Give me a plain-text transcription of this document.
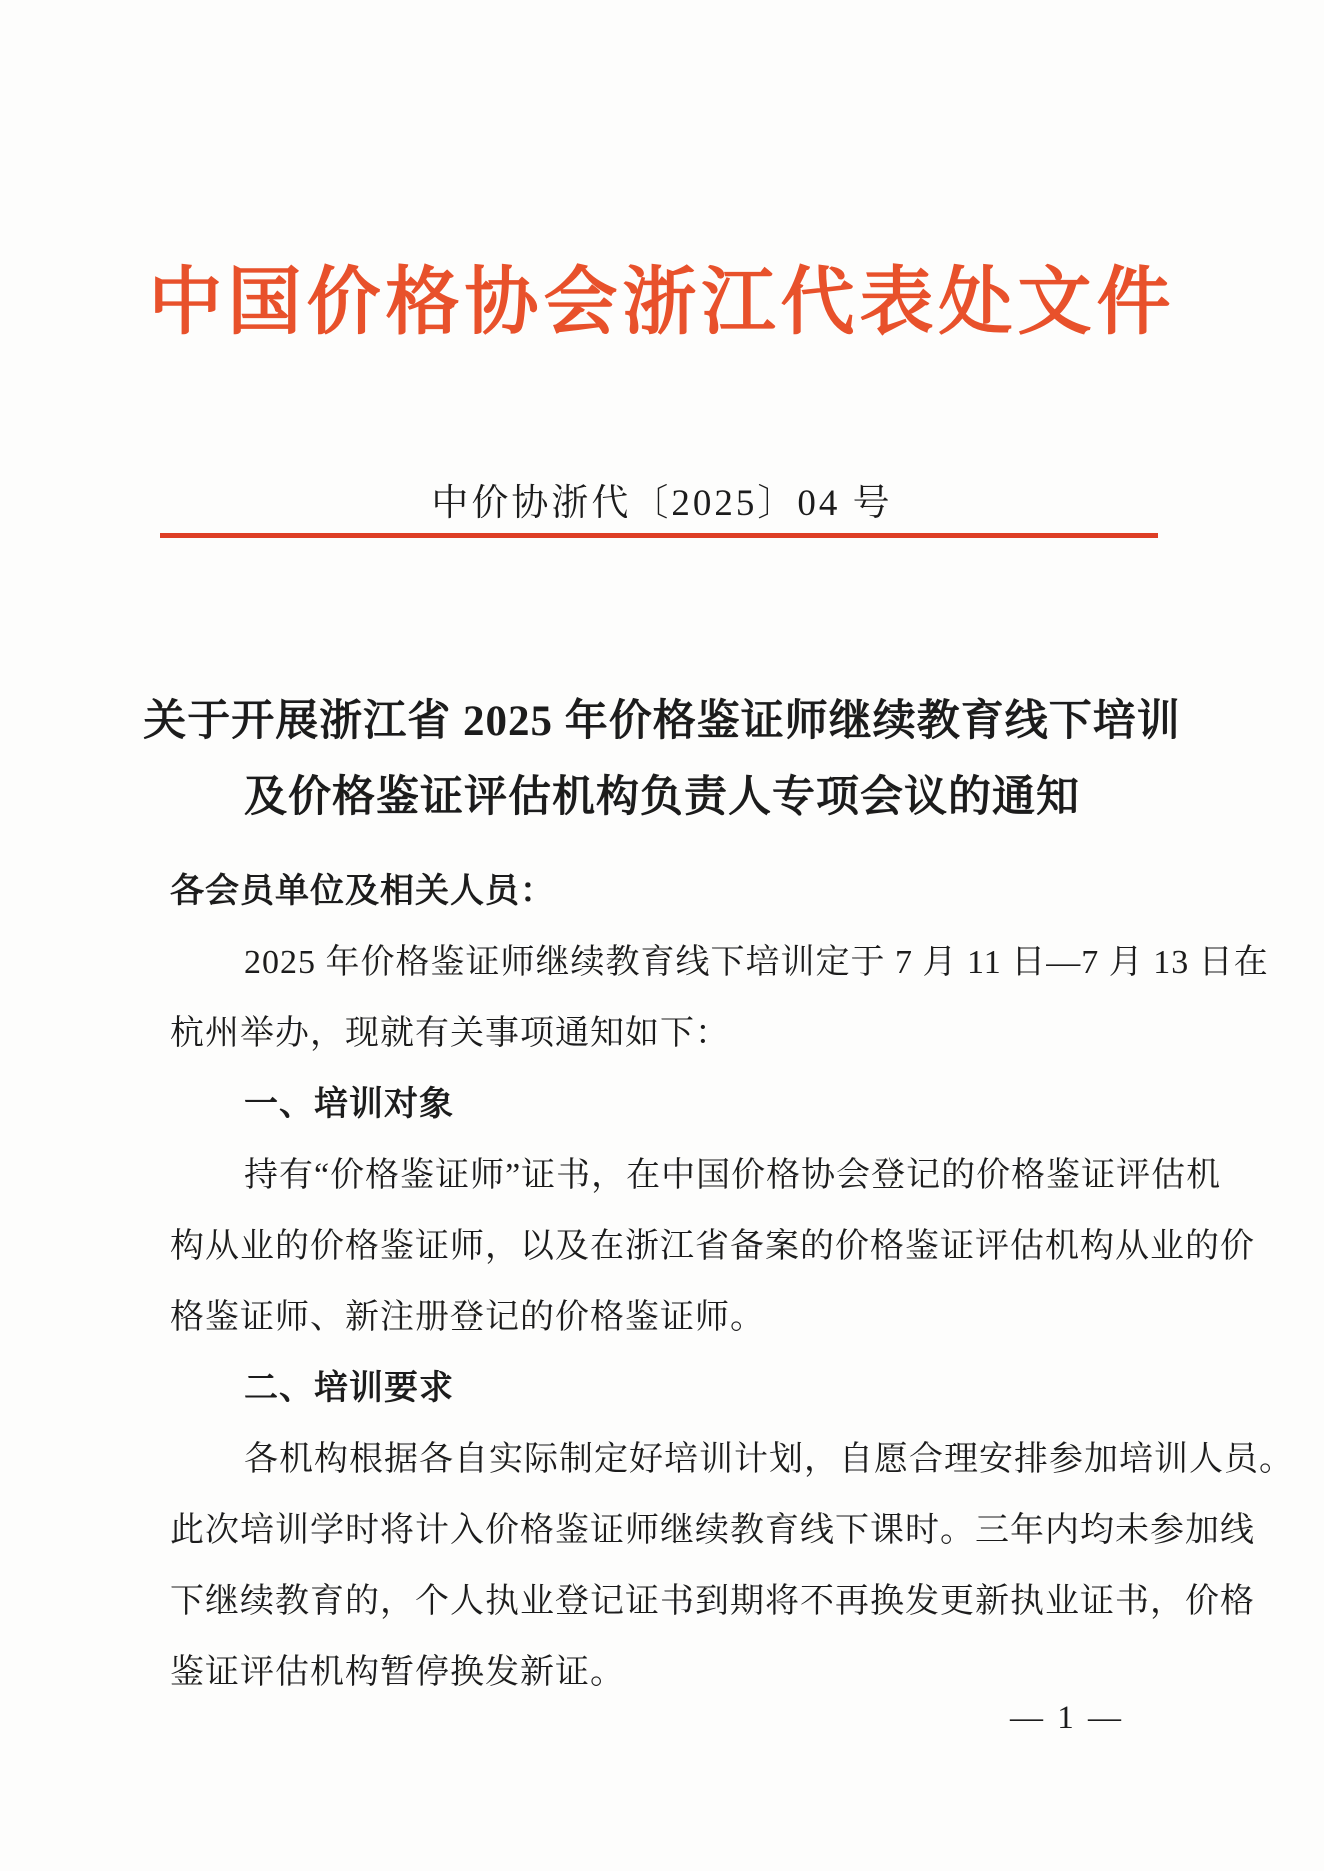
中国价格协会浙江代表处文件
中价协浙代〔2025〕04 号
关于开展浙江省 2025 年价格鉴证师继续教育线下培训
及价格鉴证评估机构负责人专项会议的通知
各会员单位及相关人员：
2025 年价格鉴证师继续教育线下培训定于 7 月 11 日—7 月 13 日在
杭州举办，现就有关事项通知如下：
一、培训对象
持有“价格鉴证师”证书，在中国价格协会登记的价格鉴证评估机
构从业的价格鉴证师，以及在浙江省备案的价格鉴证评估机构从业的价
格鉴证师、新注册登记的价格鉴证师。
二、培训要求
各机构根据各自实际制定好培训计划，自愿合理安排参加培训人员。
此次培训学时将计入价格鉴证师继续教育线下课时。三年内均未参加线
下继续教育的，个人执业登记证书到期将不再换发更新执业证书，价格
鉴证评估机构暂停换发新证。
— 1 —
